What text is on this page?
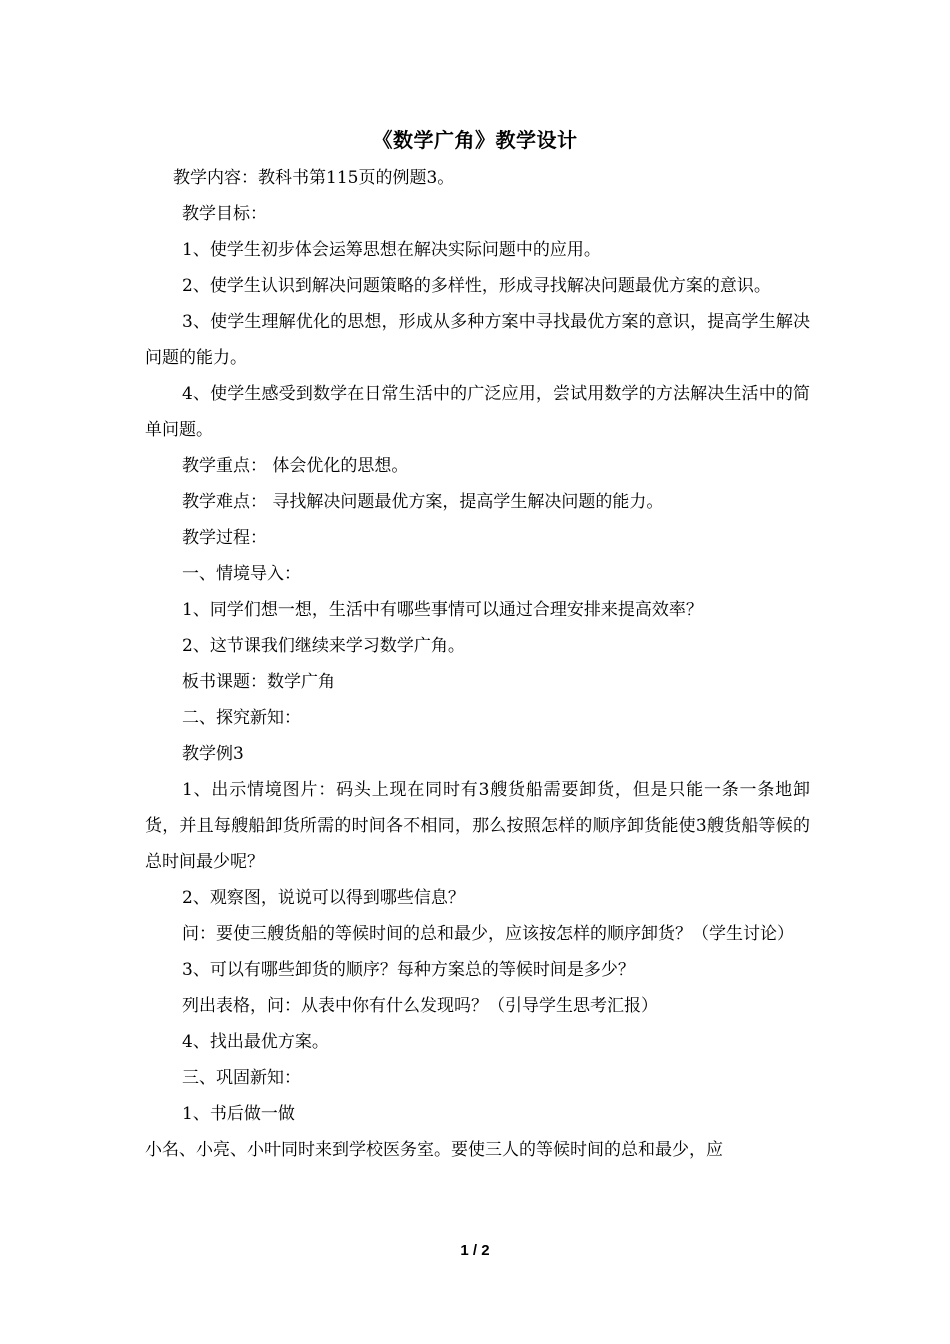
《数学广角》教学设计

教学内容：教科书第115页的例题3。

教学目标：

1、使学生初步体会运筹思想在解决实际问题中的应用。

2、使学生认识到解决问题策略的多样性，形成寻找解决问题最优方案的意识。

3、使学生理解优化的思想，形成从多种方案中寻找最优方案的意识，提高学生解决问题的能力。

4、使学生感受到数学在日常生活中的广泛应用，尝试用数学的方法解决生活中的简单问题。

教学重点： 体会优化的思想。

教学难点： 寻找解决问题最优方案，提高学生解决问题的能力。

教学过程：

一、情境导入：

1、同学们想一想，生活中有哪些事情可以通过合理安排来提高效率？

2、这节课我们继续来学习数学广角。

板书课题：数学广角

二、探究新知：

教学例3

1、出示情境图片：码头上现在同时有3艘货船需要卸货，但是只能一条一条地卸货，并且每艘船卸货所需的时间各不相同，那么按照怎样的顺序卸货能使3艘货船等候的总时间最少呢？

2、观察图，说说可以得到哪些信息？

问：要使三艘货船的等候时间的总和最少，应该按怎样的顺序卸货？（学生讨论）

3、可以有哪些卸货的顺序？每种方案总的等候时间是多少？

列出表格，问：从表中你有什么发现吗？（引导学生思考汇报）

4、找出最优方案。

三、巩固新知：

1、书后做一做

小名、小亮、小叶同时来到学校医务室。要使三人的等候时间的总和最少，应

1 / 2
